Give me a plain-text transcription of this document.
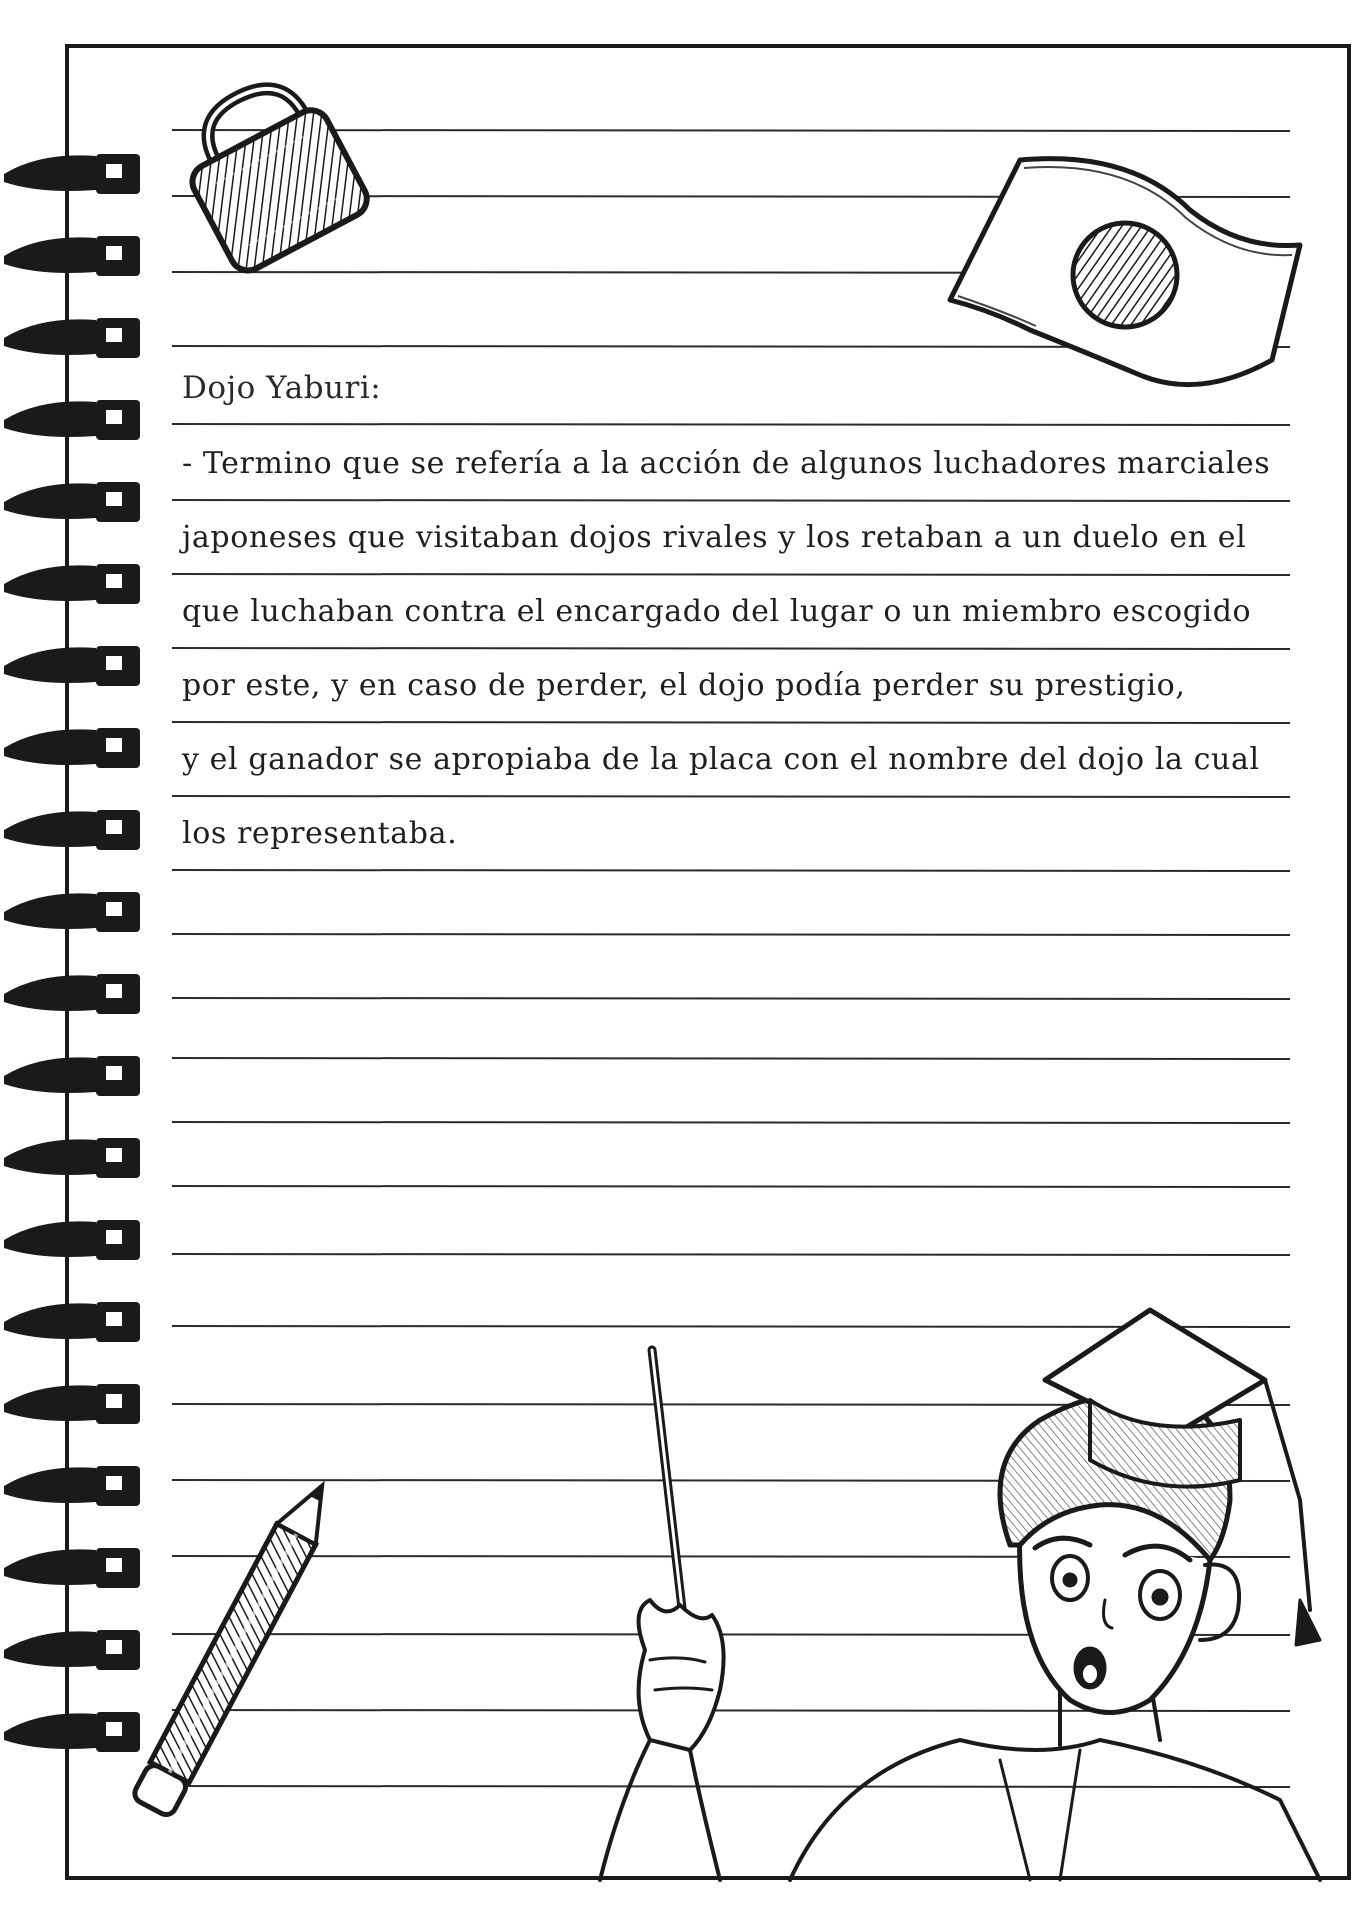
Dojo Yaburi:
- Termino que se refería a la acción de algunos luchadores marciales
japoneses que visitaban dojos rivales y los retaban a un duelo en el
que luchaban contra el encargado del lugar o un miembro escogido
por este, y en caso de perder, el dojo podía perder su prestigio,
y el ganador se apropiaba de la placa con el nombre del dojo la cual
los representaba.
